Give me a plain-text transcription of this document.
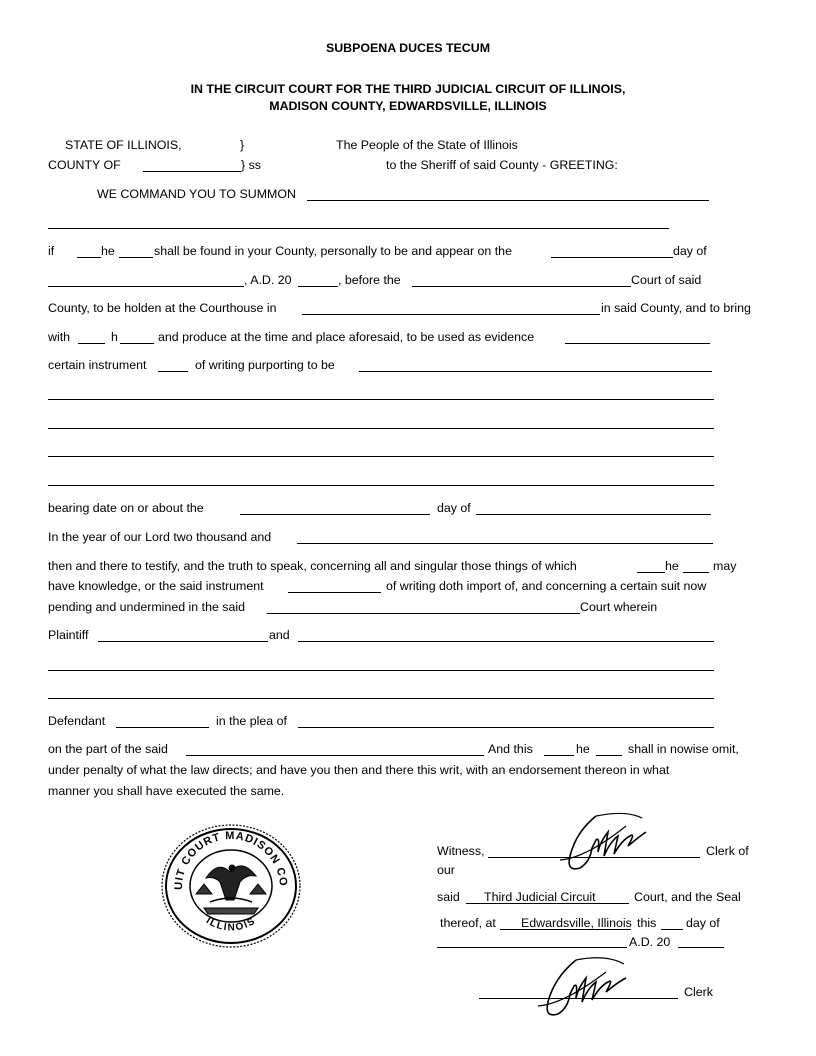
SUBPOENA DUCES TECUM
IN THE CIRCUIT COURT FOR THE THIRD JUDICIAL CIRCUIT OF ILLINOIS,
MADISON COUNTY, EDWARDSVILLE, ILLINOIS
STATE OF ILLINOIS,	}	The People of the State of Illinois
COUNTY OF	} ss	to the Sheriff of said County - GREETING:
WE COMMAND YOU TO SUMMON
if	he	shall be found in your County, personally to be and appear on the	day of
, A.D. 20	, before the	Court of said
County, to be holden at the Courthouse in	in said County, and to bring
with	h	and produce at the time and place aforesaid, to be used as evidence
certain instrument	of writing purporting to be
bearing date on or about the	day of
In the year of our Lord two thousand and
then and there to testify, and the truth to speak, concerning all and singular those things of which	he	may
have knowledge, or the said instrument	of writing doth import of, and concerning a certain suit now
pending and undermined in the said	Court wherein
Plaintiff	and
Defendant	in the plea of
on the part of the said	And this	he	shall in nowise omit,
under penalty of what the law directs; and have you then and there this writ, with an endorsement thereon in what
manner you shall have executed the same.
CIRCUIT COURT MADISON COUNTY
ILLINOIS
Witness,	Clerk of
our
said Third Judicial Circuit	Court, and the Seal
thereof, at Edwardsville, Illinois this day of
A.D. 20
Clerk
